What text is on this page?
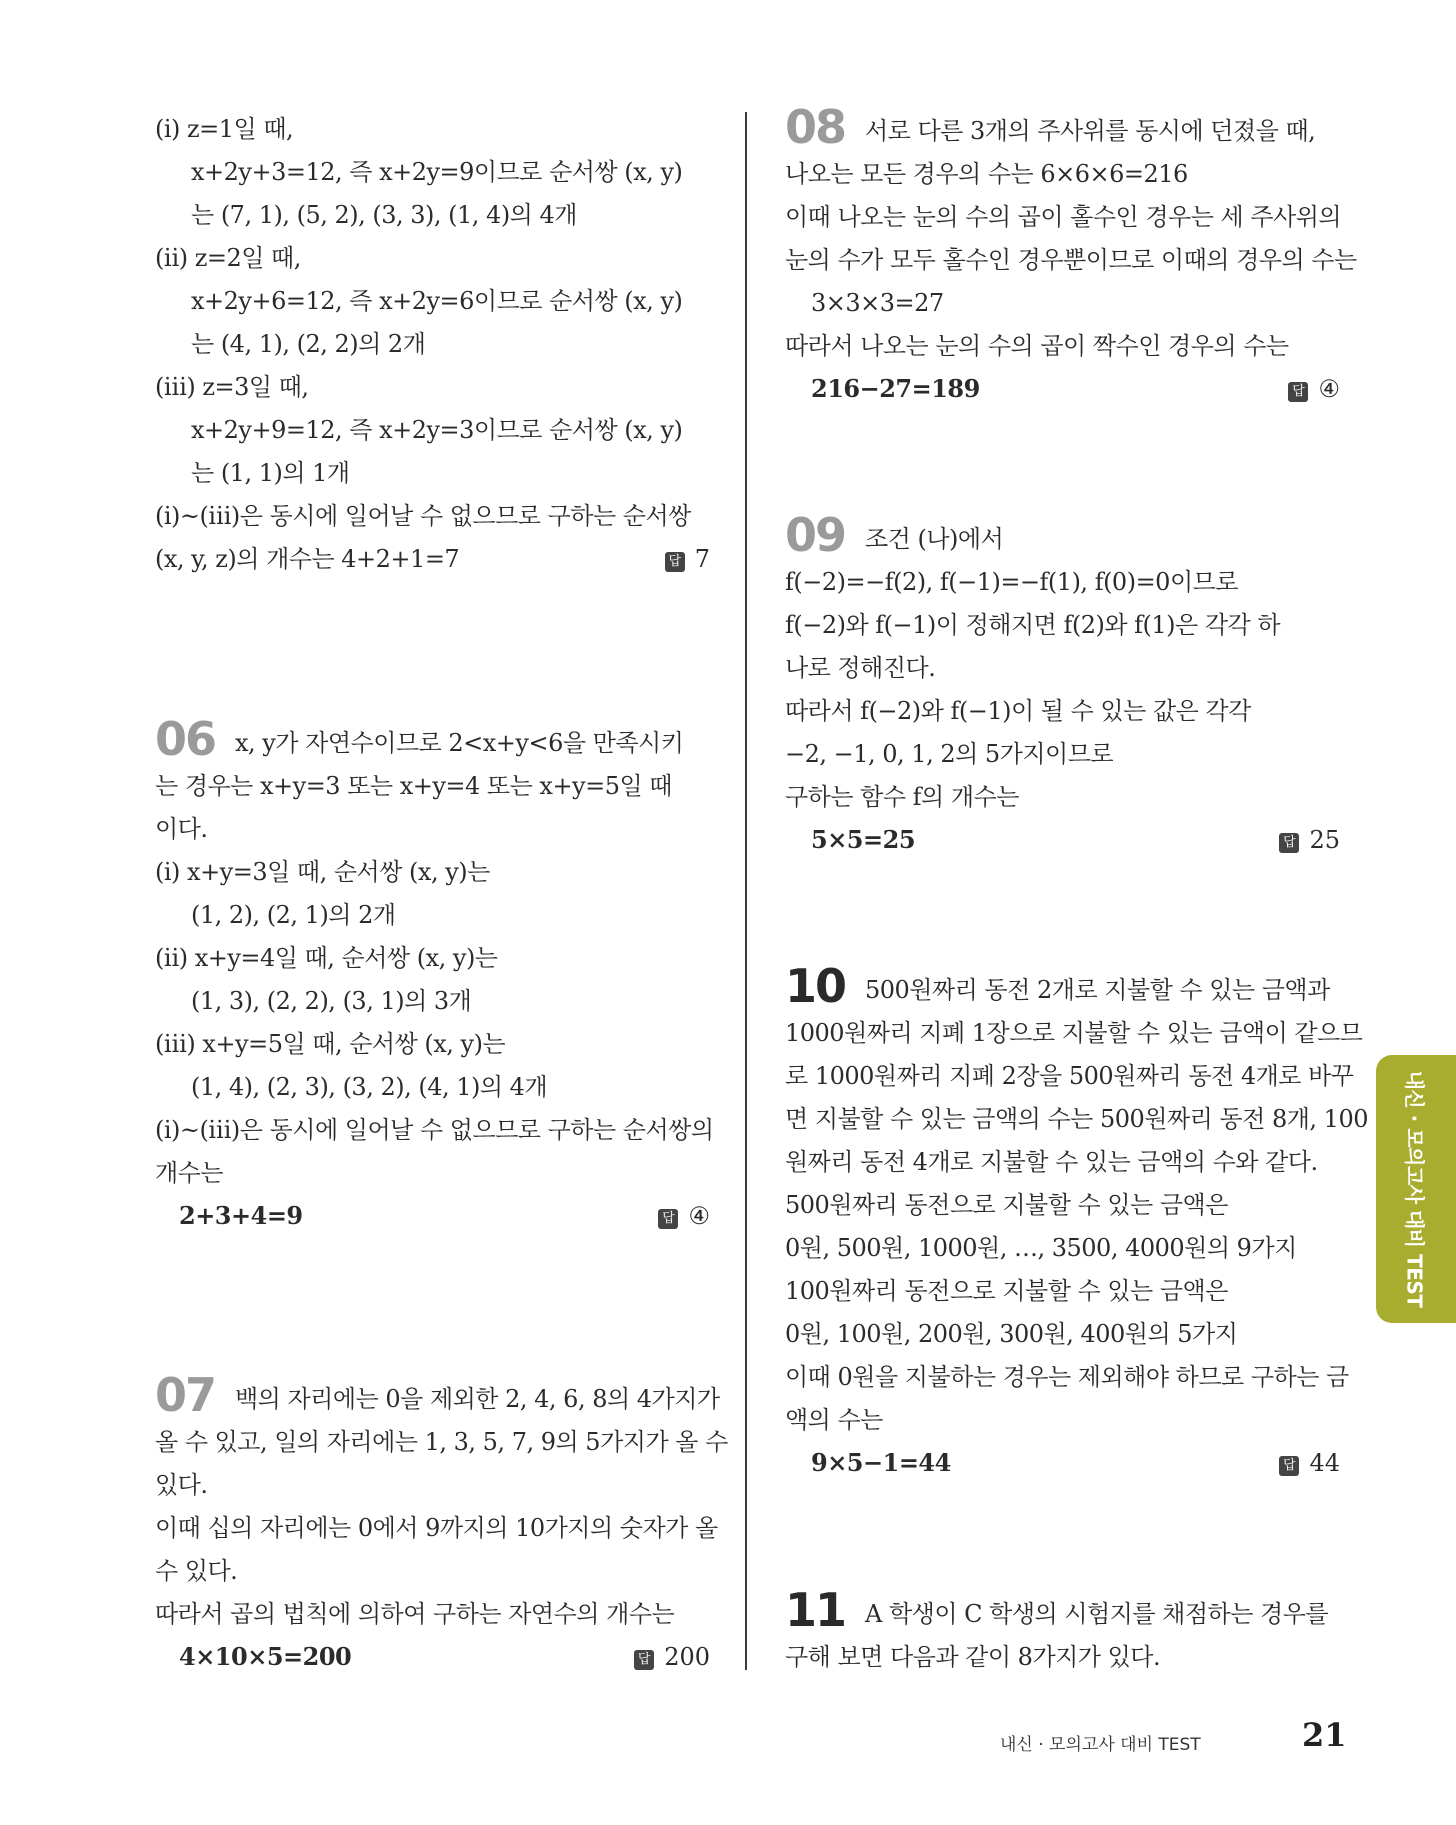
(ⅰ) z=1일 때,
x+2y+3=12, 즉 x+2y=9이므로 순서쌍 (x, y)
는 (7, 1), (5, 2), (3, 3), (1, 4)의 4개
(ⅱ) z=2일 때,
x+2y+6=12, 즉 x+2y=6이므로 순서쌍 (x, y)
는 (4, 1), (2, 2)의 2개
(ⅲ) z=3일 때,
x+2y+9=12, 즉 x+2y=3이므로 순서쌍 (x, y)
는 (1, 1)의 1개
(ⅰ)~(ⅲ)은 동시에 일어날 수 없으므로 구하는 순서쌍
(x, y, z)의 개수는 4+2+1=7	답 7
06 x, y가 자연수이므로 2<x+y<6을 만족시키
는 경우는 x+y=3 또는 x+y=4 또는 x+y=5일 때
이다.
(ⅰ) x+y=3일 때, 순서쌍 (x, y)는
(1, 2), (2, 1)의 2개
(ⅱ) x+y=4일 때, 순서쌍 (x, y)는
(1, 3), (2, 2), (3, 1)의 3개
(ⅲ) x+y=5일 때, 순서쌍 (x, y)는
(1, 4), (2, 3), (3, 2), (4, 1)의 4개
(ⅰ)~(ⅲ)은 동시에 일어날 수 없으므로 구하는 순서쌍의
개수는
2+3+4=9	답 ④
07 백의 자리에는 0을 제외한 2, 4, 6, 8의 4가지가
올 수 있고, 일의 자리에는 1, 3, 5, 7, 9의 5가지가 올 수
있다.
이때 십의 자리에는 0에서 9까지의 10가지의 숫자가 올
수 있다.
따라서 곱의 법칙에 의하여 구하는 자연수의 개수는
4×10×5=200	답 200
08 서로 다른 3개의 주사위를 동시에 던졌을 때,
나오는 모든 경우의 수는 6×6×6=216
이때 나오는 눈의 수의 곱이 홀수인 경우는 세 주사위의
눈의 수가 모두 홀수인 경우뿐이므로 이때의 경우의 수는
3×3×3=27
따라서 나오는 눈의 수의 곱이 짝수인 경우의 수는
216−27=189	답 ④
09 조건 (나)에서
f(−2)=−f(2), f(−1)=−f(1), f(0)=0이므로
f(−2)와 f(−1)이 정해지면 f(2)와 f(1)은 각각 하
나로 정해진다.
따라서 f(−2)와 f(−1)이 될 수 있는 값은 각각
−2, −1, 0, 1, 2의 5가지이므로
구하는 함수 f의 개수는
5×5=25	답 25
10 500원짜리 동전 2개로 지불할 수 있는 금액과
1000원짜리 지폐 1장으로 지불할 수 있는 금액이 같으므
로 1000원짜리 지폐 2장을 500원짜리 동전 4개로 바꾸
면 지불할 수 있는 금액의 수는 500원짜리 동전 8개, 100
원짜리 동전 4개로 지불할 수 있는 금액의 수와 같다.
500원짜리 동전으로 지불할 수 있는 금액은
0원, 500원, 1000원, …, 3500, 4000원의 9가지
100원짜리 동전으로 지불할 수 있는 금액은
0원, 100원, 200원, 300원, 400원의 5가지
이때 0원을 지불하는 경우는 제외해야 하므로 구하는 금
액의 수는
9×5−1=44	답 44
11 A 학생이 C 학생의 시험지를 채점하는 경우를
구해 보면 다음과 같이 8가지가 있다.
내신 · 모의고사 대비 TEST
내신 · 모의고사 대비 TEST	21
